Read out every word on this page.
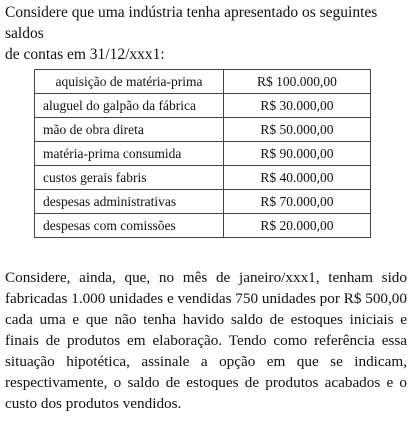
Considere que uma indústria tenha apresentado os seguintes saldos
de contas em 31/12/xxx1:

aquisição de matéria-prima	R$ 100.000,00
aluguel do galpão da fábrica	R$ 30.000,00
mão de obra direta	R$ 50.000,00
matéria-prima consumida	R$ 90.000,00
custos gerais fabris	R$ 40.000,00
despesas administrativas	R$ 70.000,00
despesas com comissões	R$ 20.000,00

Considere, ainda, que, no mês de janeiro/xxx1, tenham sido fabricadas 1.000 unidades e vendidas 750 unidades por R$ 500,00 cada uma e que não tenha havido saldo de estoques iniciais e finais de produtos em elaboração. Tendo como referência essa situação hipotética, assinale a opção em que se indicam, respectivamente, o saldo de estoques de produtos acabados e o custo dos produtos vendidos.
